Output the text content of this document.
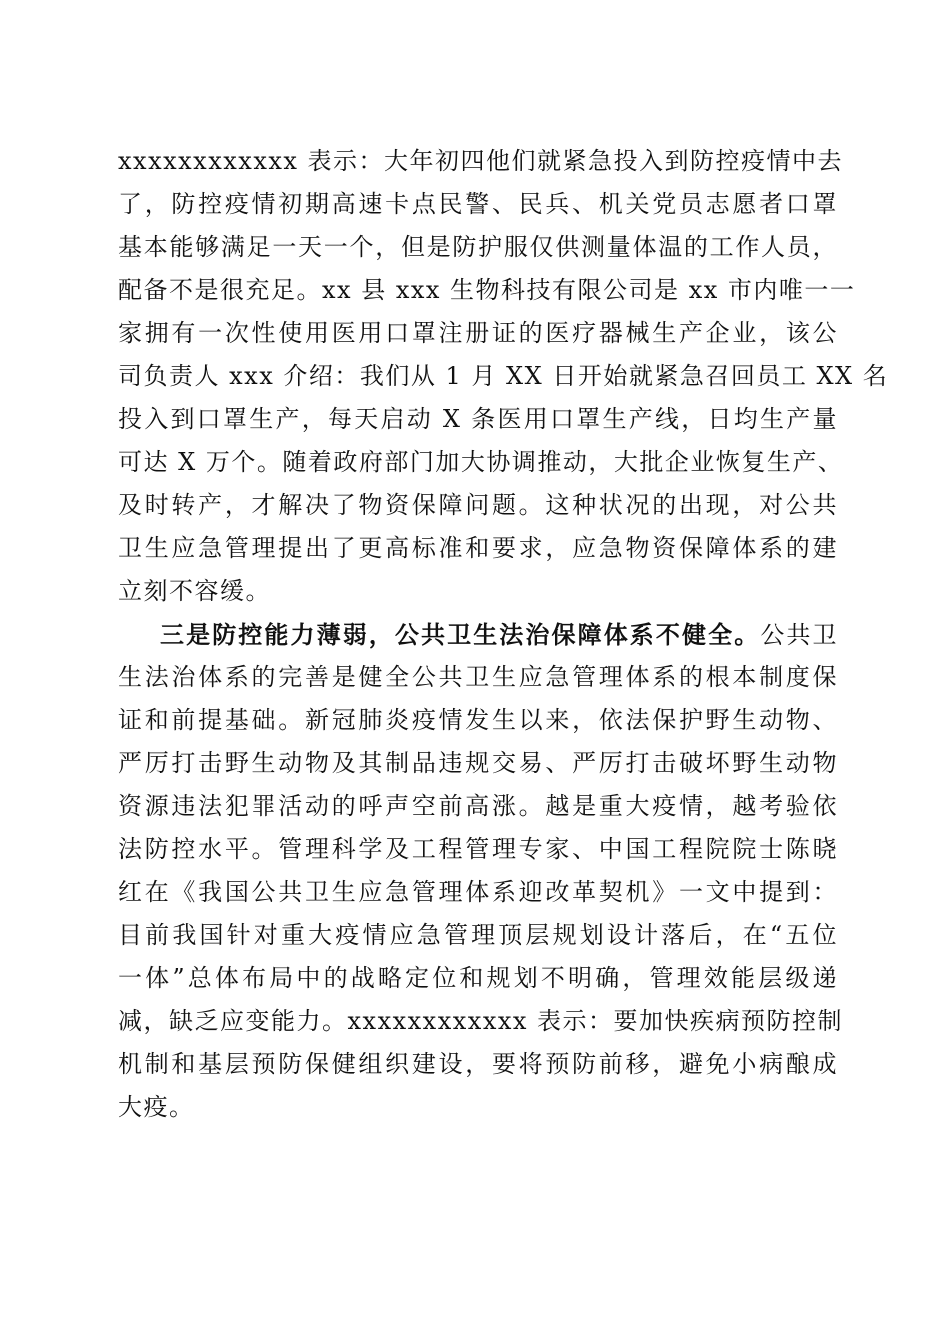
xxxxxxxxxxxx 表示：大年初四他们就紧急投入到防控疫情中去
了，防控疫情初期高速卡点民警、民兵、机关党员志愿者口罩
基本能够满足一天一个，但是防护服仅供测量体温的工作人员，
配备不是很充足。xx 县 xxx 生物科技有限公司是 xx 市内唯一一
家拥有一次性使用医用口罩注册证的医疗器械生产企业，该公
司负责人 xxx 介绍：我们从 1 月 XX 日开始就紧急召回员工 XX 名
投入到口罩生产，每天启动 X 条医用口罩生产线，日均生产量
可达 X 万个。随着政府部门加大协调推动，大批企业恢复生产、
及时转产，才解决了物资保障问题。这种状况的出现，对公共
卫生应急管理提出了更高标准和要求，应急物资保障体系的建
立刻不容缓。
三是防控能力薄弱，公共卫生法治保障体系不健全。公共卫
生法治体系的完善是健全公共卫生应急管理体系的根本制度保
证和前提基础。新冠肺炎疫情发生以来，依法保护野生动物、
严厉打击野生动物及其制品违规交易、严厉打击破坏野生动物
资源违法犯罪活动的呼声空前高涨。越是重大疫情，越考验依
法防控水平。管理科学及工程管理专家、中国工程院院士陈晓
红在《我国公共卫生应急管理体系迎改革契机》一文中提到：
目前我国针对重大疫情应急管理顶层规划设计落后，在“五位
一体”总体布局中的战略定位和规划不明确，管理效能层级递
减，缺乏应变能力。xxxxxxxxxxxx 表示：要加快疾病预防控制
机制和基层预防保健组织建设，要将预防前移，避免小病酿成
大疫。
